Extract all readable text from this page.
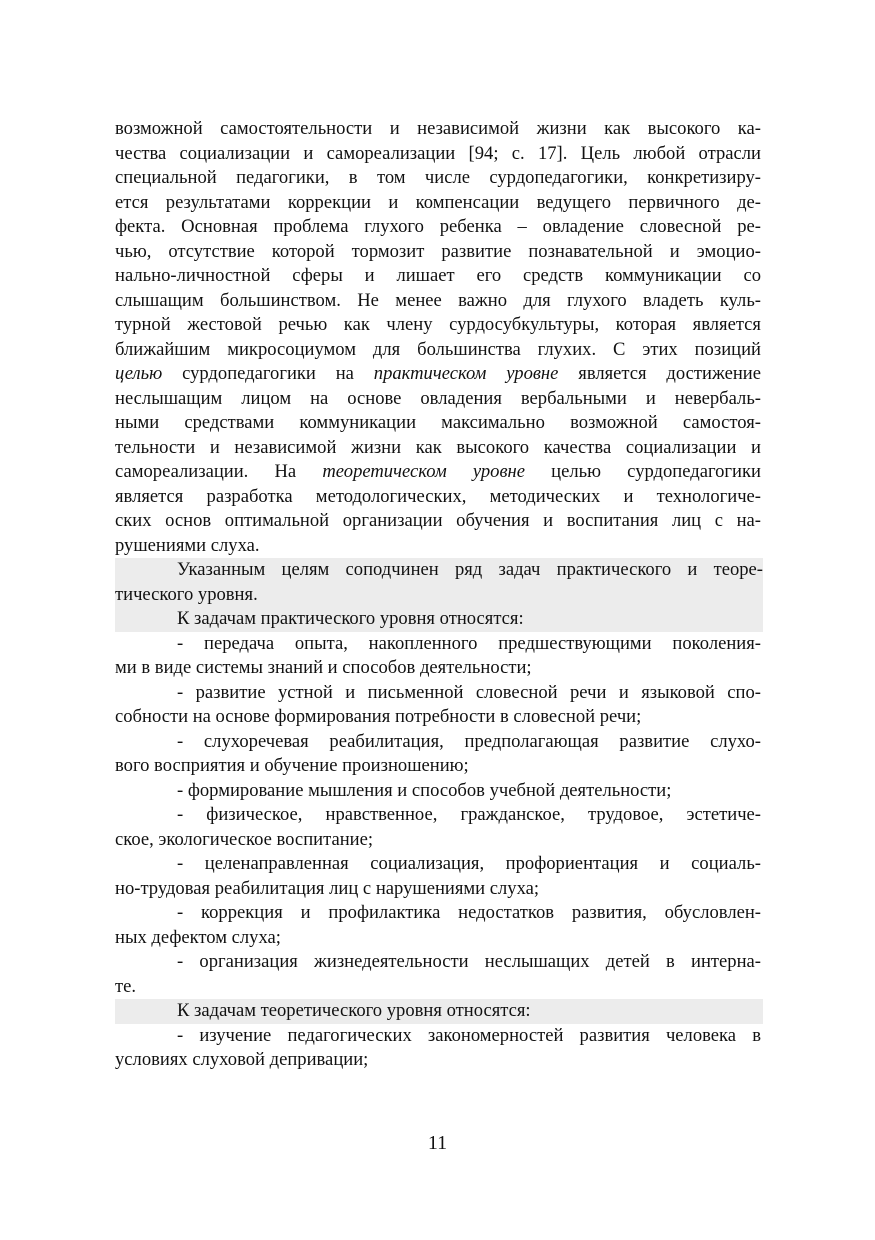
возможной самостоятельности и независимой жизни как высокого ка-
чества социализации и самореализации [94; с. 17]. Цель любой отрасли
специальной педагогики, в том числе сурдопедагогики, конкретизиру-
ется результатами коррекции и компенсации ведущего первичного де-
фекта. Основная проблема глухого ребенка – овладение словесной ре-
чью, отсутствие которой тормозит развитие познавательной и эмоцио-
нально-личностной сферы и лишает его средств коммуникации со
слышащим большинством. Не менее важно для глухого владеть куль-
турной жестовой речью как члену сурдосубкультуры, которая является
ближайшим микросоциумом для большинства глухих. С этих позиций
целью сурдопедагогики на практическом уровне является достижение
неслышащим лицом на основе овладения вербальными и невербаль-
ными средствами коммуникации максимально возможной самостоя-
тельности и независимой жизни как высокого качества социализации и
самореализации. На теоретическом уровне целью сурдопедагогики
является разработка методологических, методических и технологиче-
ских основ оптимальной организации обучения и воспитания лиц с на-
рушениями слуха.
Указанным целям соподчинен ряд задач практического и теоре-
тического уровня.
К задачам практического уровня относятся:
- передача опыта, накопленного предшествующими поколения-
ми в виде системы знаний и способов деятельности;
- развитие устной и письменной словесной речи и языковой спо-
собности на основе формирования потребности в словесной речи;
- слухоречевая реабилитация, предполагающая развитие слухо-
вого восприятия и обучение произношению;
- формирование мышления и способов учебной деятельности;
- физическое, нравственное, гражданское, трудовое, эстетиче-
ское, экологическое воспитание;
- целенаправленная социализация, профориентация и социаль-
но-трудовая реабилитация лиц с нарушениями слуха;
- коррекция и профилактика недостатков развития, обусловлен-
ных дефектом слуха;
- организация жизнедеятельности неслышащих детей в интерна-
те.
К задачам теоретического уровня относятся:
- изучение педагогических закономерностей развития человека в
условиях слуховой депривации;
11
